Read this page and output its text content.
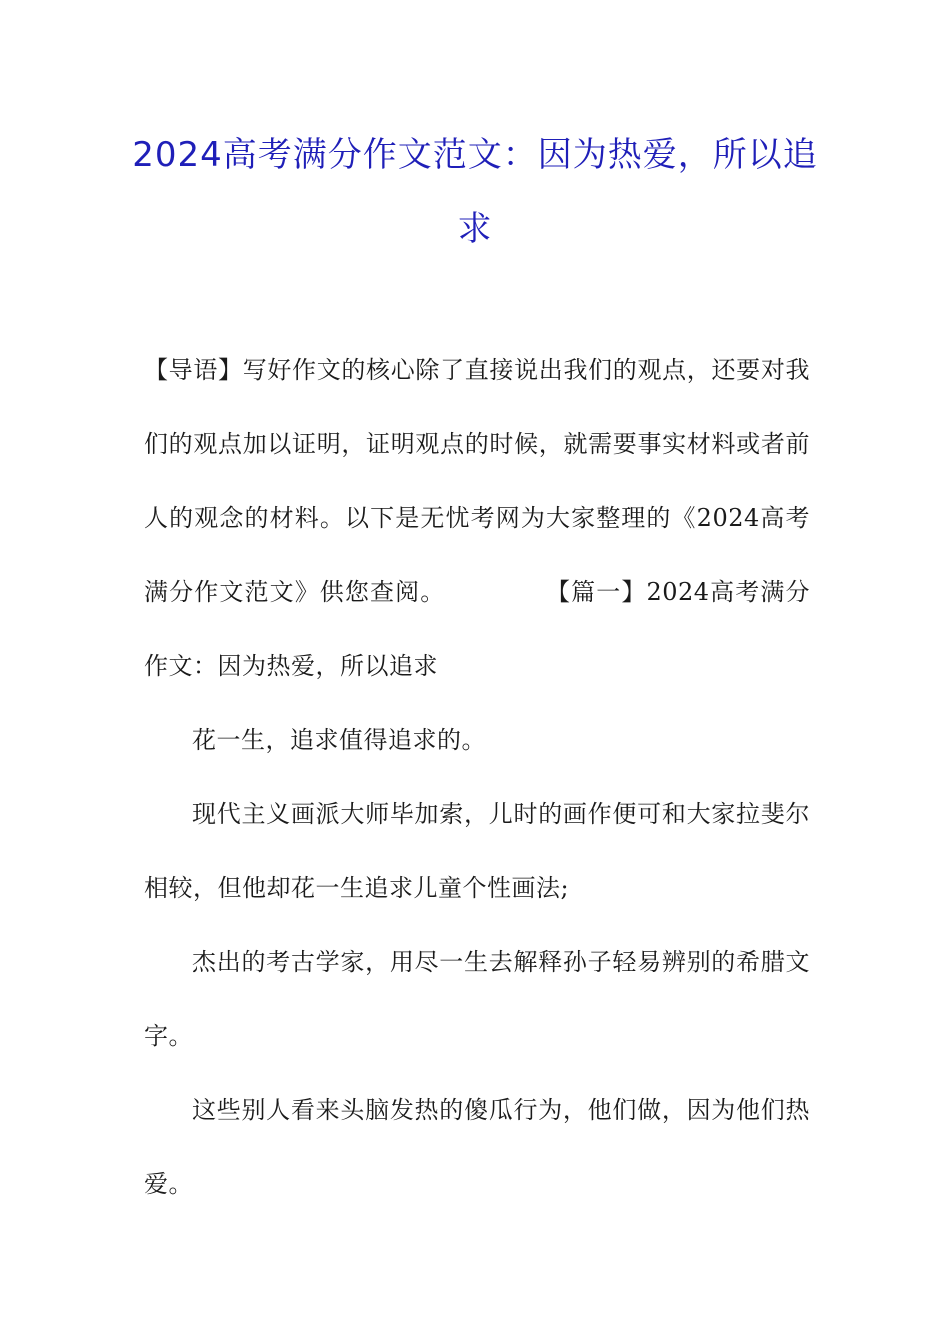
2024高考满分作文范文：因为热爱，所以追求

【导语】写好作文的核心除了直接说出我们的观点，还要对我们的观点加以证明，证明观点的时候，就需要事实材料或者前人的观念的材料。以下是无忧考网为大家整理的《2024高考满分作文范文》供您查阅。	【篇一】2024高考满分作文：因为热爱，所以追求

花一生，追求值得追求的。

现代主义画派大师毕加索，儿时的画作便可和大家拉斐尔相较，但他却花一生追求儿童个性画法;

杰出的考古学家，用尽一生去解释孙子轻易辨别的希腊文字。

这些别人看来头脑发热的傻瓜行为，他们做，因为他们热爱。
